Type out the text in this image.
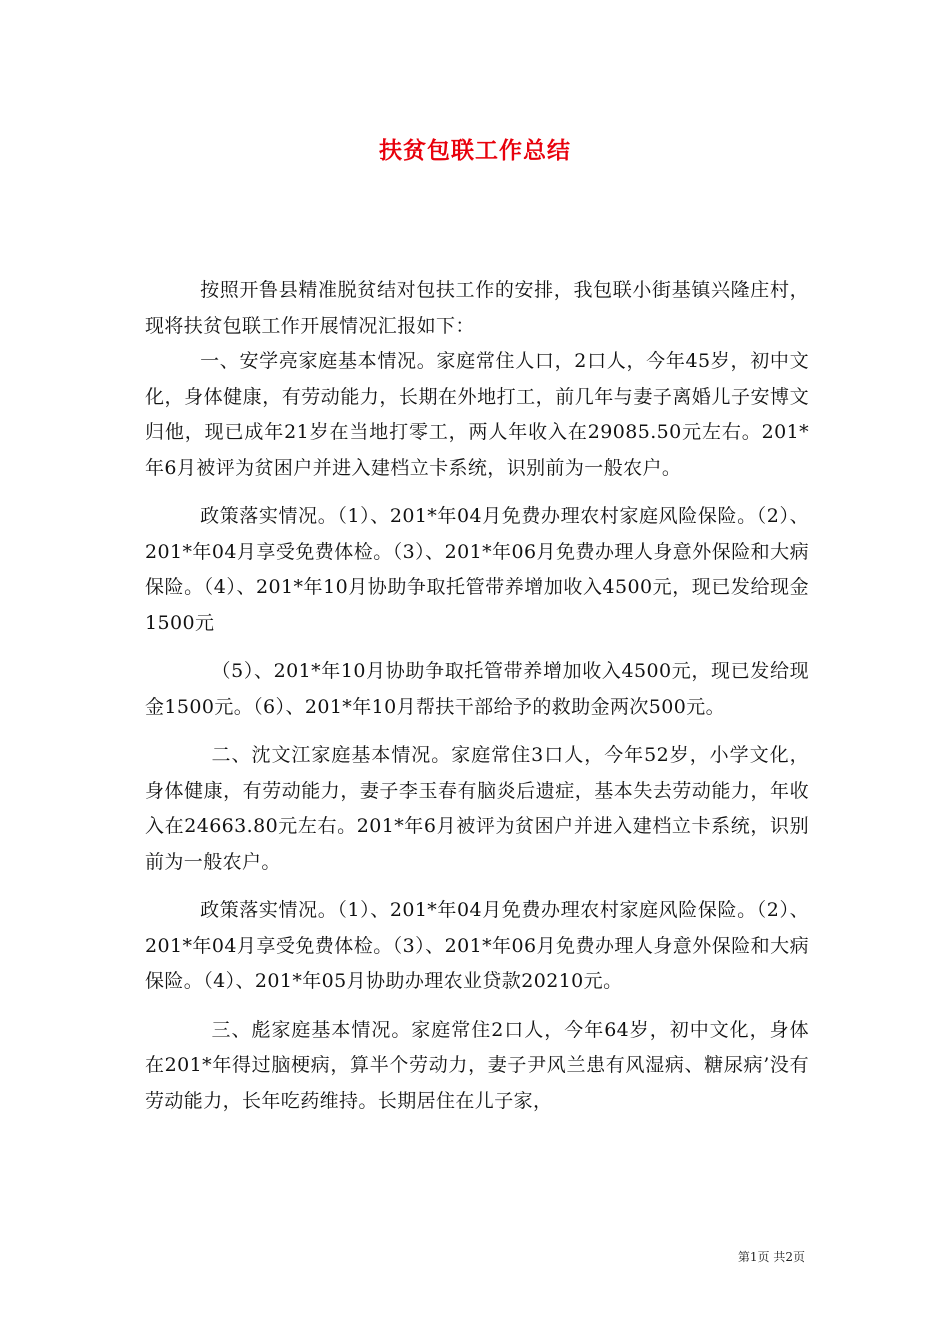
扶贫包联工作总结

按照开鲁县精准脱贫结对包扶工作的安排，我包联小街基镇兴隆庄村，现将扶贫包联工作开展情况汇报如下：

一、安学亮家庭基本情况。家庭常住人口，2口人，今年45岁，初中文化，身体健康，有劳动能力，长期在外地打工，前几年与妻子离婚儿子安博文归他，现已成年21岁在当地打零工，两人年收入在29085.50元左右。201*年6月被评为贫困户并进入建档立卡系统，识别前为一般农户。

政策落实情况。（1）、201*年04月免费办理农村家庭风险保险。（2）、201*年04月享受免费体检。（3）、201*年06月免费办理人身意外保险和大病保险。（4）、201*年10月协助争取托管带养增加收入4500元，现已发给现金1500元

（5）、201*年10月协助争取托管带养增加收入4500元，现已发给现金1500元。（6）、201*年10月帮扶干部给予的救助金两次500元。

二、沈文江家庭基本情况。家庭常住3口人，今年52岁，小学文化，身体健康，有劳动能力，妻子李玉春有脑炎后遗症，基本失去劳动能力，年收入在24663.80元左右。201*年6月被评为贫困户并进入建档立卡系统，识别前为一般农户。

政策落实情况。（1）、201*年04月免费办理农村家庭风险保险。（2）、201*年04月享受免费体检。（3）、201*年06月免费办理人身意外保险和大病保险。（4）、201*年05月协助办理农业贷款20210元。

三、彪家庭基本情况。家庭常住2口人，今年64岁，初中文化，身体在201*年得过脑梗病，算半个劳动力，妻子尹风兰患有风湿病、糖尿病’没有劳动能力，长年吃药维持。长期居住在儿子家，

第1页 共2页
